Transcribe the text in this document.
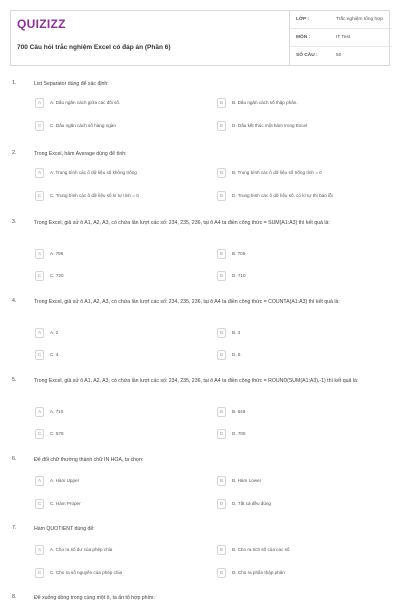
QUIZIZZ
700 Câu hỏi trắc nghiệm Excel có đáp án (Phần 6)
LỚP :	Trắc nghiệm tổng hợp
MÔN :	IT Test
SỐ CÂU :	50
1.	List Separator dùng để xác định:
A	A. Dấu ngăn cách giữa các đối số.	B	B. Dấu ngăn cách số thập phân.
C	C. Dấu ngăn cách số hàng ngàn	D	D. Dấu kết thúc một hàm trong Excel
2.	Trong Excel, hàm Average dùng để tính:
A	A. Trung bình các ô dữ liệu số không trống	B	B. Trung bình các ô dữ liệu số trống tính = 0
C	C. Trung bình các ô dữ liệu số kí tự tính = 0	D	D. Trung bình các ô dữ liệu số, có kí tự thì báo lỗi
3.	Trong Excel, giả sử ô A1, A2, A3, có chứa lần lượt các số: 234, 235, 236, tại ô A4 ta điền công thức = SUM(A1:A3) thì kết quả là:
A	A. 796	B	B. 705
C	C. 720	D	D. 710
4.	Trong Excel, giả sử ô A1, A2, A3, có chứa lần lượt các số: 234, 235, 236, tại ô A4 ta điền công thức = COUNTA(A1:A3) thì kết quả là:
A	A. 2	B	B. 3
C	C. 4	D	D. 5
5.	Trong Excel, giả sử ô A1, A2, A3, có chứa lần lượt các số: 234, 235, 236, tại ô A4 ta điền công thức = ROUND(SUM(A1:A3),-1) thì kết quả là:
A	A. 710	B	B. 649
C	C. 578	D	D. 705
6.	Để đổi chữ thường thành chữ IN HOA, ta chọn:
A	A. Hàm Upper	B	B. Hàm Lower
C	C. Hàm Proper	D	D. Tất cả đều đúng
7.	Hàm QUOTIENT dùng để:
A	A. Cho ra số dư của phép chia	B	B. Cho ra tích số của các số
C	C. Cho ra số nguyên của phép chia	D	D. Cho ra phần thập phân
8.	Để xuống dòng trong cùng một ô, ta ấn tổ hợp phím:
